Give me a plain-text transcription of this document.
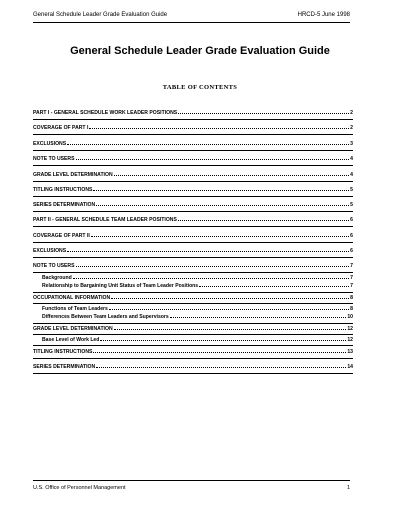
General Schedule Leader Grade Evaluation Guide	HRCD-5 June 1998
General Schedule Leader Grade Evaluation Guide
TABLE OF CONTENTS
PART I - GENERAL SCHEDULE WORK LEADER POSITIONS	2
COVERAGE OF PART I	2
EXCLUSIONS	3
NOTE TO USERS	4
GRADE LEVEL DETERMINATION	4
TITLING INSTRUCTIONS	5
SERIES DETERMINATION	5
PART II - GENERAL SCHEDULE TEAM LEADER POSITIONS	6
COVERAGE OF PART II	6
EXCLUSIONS	6
NOTE TO USERS	7
Background	7
Relationship to Bargaining Unit Status of Team Leader Positions	7
OCCUPATIONAL INFORMATION	8
Functions of Team Leaders	8
Differences Between Team Leaders and Supervisors	10
GRADE LEVEL DETERMINATION	12
Base Level of Work Led	12
TITLING INSTRUCTIONS	13
SERIES DETERMINATION	14
U.S. Office of Personnel Management	1
